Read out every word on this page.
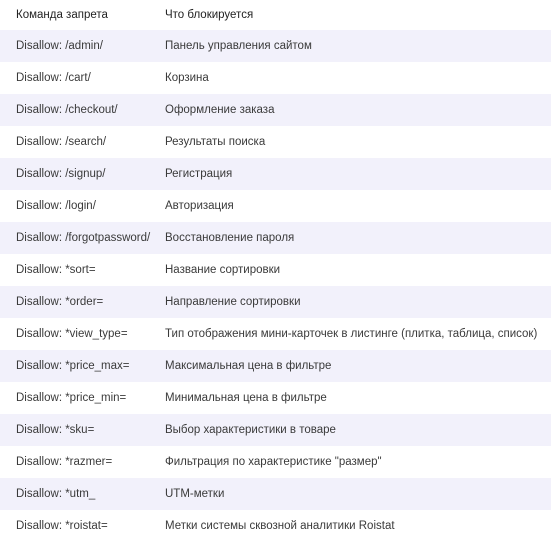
Команда запрета	Что блокируется
Disallow: /admin/	Панель управления сайтом
Disallow: /cart/	Корзина
Disallow: /checkout/	Оформление заказа
Disallow: /search/	Результаты поиска
Disallow: /signup/	Регистрация
Disallow: /login/	Авторизация
Disallow: /forgotpassword/	Восстановление пароля
Disallow: *sort=	Название сортировки
Disallow: *order=	Направление сортировки
Disallow: *view_type=	Тип отображения мини-карточек в листинге (плитка, таблица, список)
Disallow: *price_max=	Максимальная цена в фильтре
Disallow: *price_min=	Минимальная цена в фильтре
Disallow: *sku=	Выбор характеристики в товаре
Disallow: *razmer=	Фильтрация по характеристике "размер"
Disallow: *utm_	UTM-метки
Disallow: *roistat=	Метки системы сквозной аналитики Roistat
